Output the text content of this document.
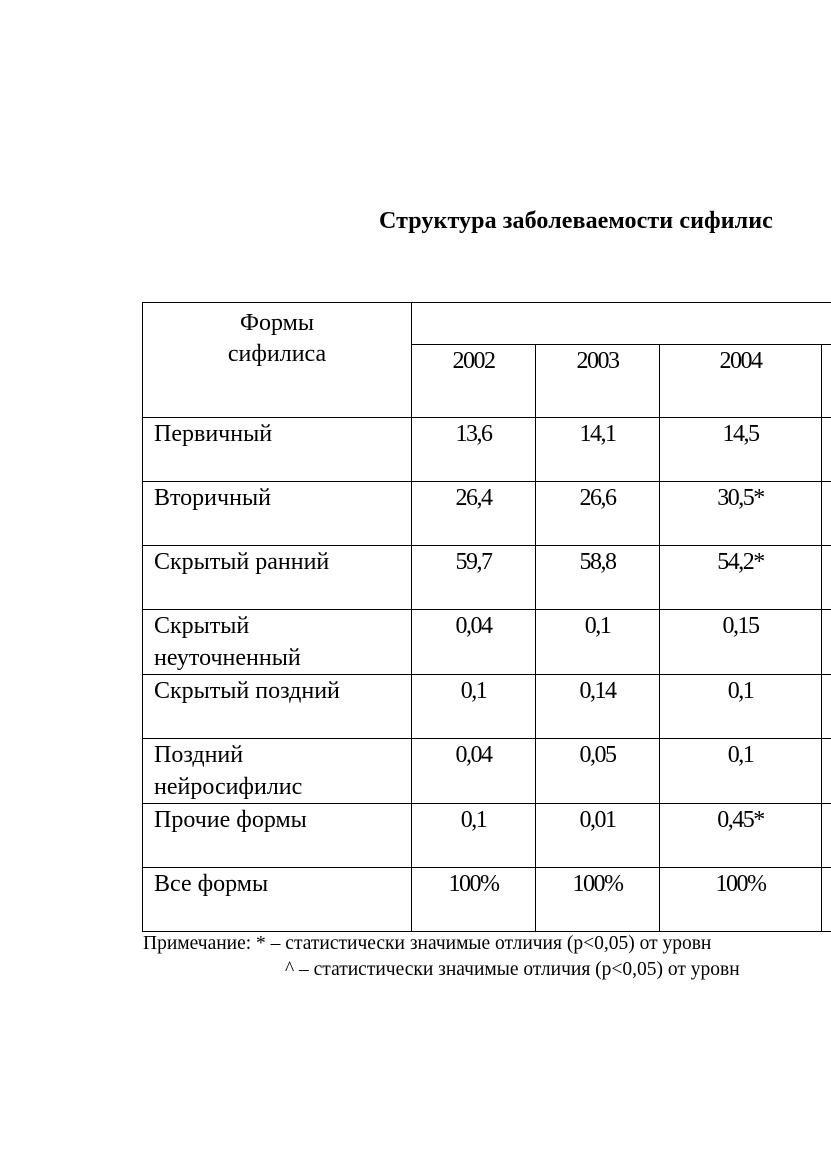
Структура заболеваемости сифилис
Формы
сифилиса				

	2002	2003	2004	

Первичный	13,6	14,1	14,5	

Вторичный	26,4	26,6	30,5*	

Скрытый ранний	59,7	58,8	54,2*	

Скрытый
неуточненный	0,04	0,1	0,15	

Скрытый поздний	0,1	0,14	0,1	

Поздний
нейросифилис	0,04	0,05	0,1	

Прочие формы	0,1	0,01	0,45*	

Все формы	100%	100%	100%	
Примечание: * – статистически значимые отличия (p<0,05) от уровн
^ – статистически значимые отличия (p<0,05) от уровн
